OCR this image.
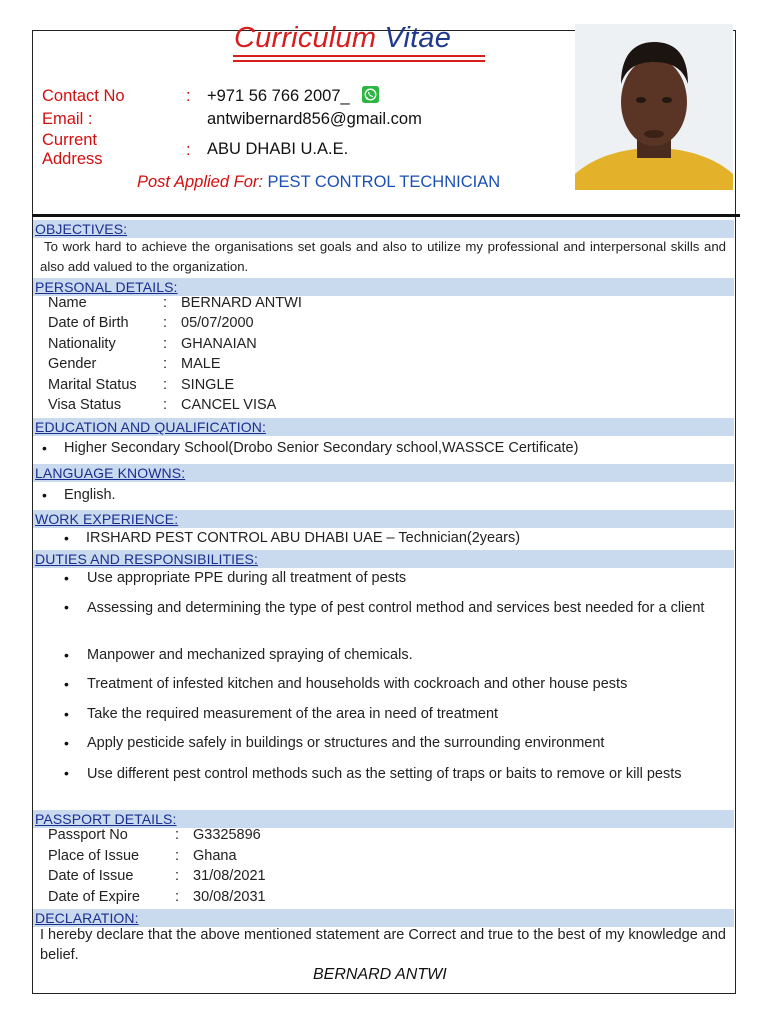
Curriculum Vitae
Contact No	: +971 56 766 2007_
Email :	antwibernard856@gmail.com
Current
Address	: ABU DHABI U.A.E.
Post Applied For: PEST CONTROL TECHNICIAN
OBJECTIVES:
To work hard to achieve the organisations set goals and also to utilize my professional and interpersonal skills and also add valued to the organization.
PERSONAL DETAILS:
Name	: BERNARD ANTWI
Date of Birth : 05/07/2000
Nationality	: GHANAIAN
Gender	: MALE
Marital Status : SINGLE
Visa Status	: CANCEL VISA
EDUCATION AND QUALIFICATION:
• Higher Secondary School(Drobo Senior Secondary school,WASSCE Certificate)
LANGUAGE KNOWNS:
• English.
WORK EXPERIENCE:
• IRSHARD PEST CONTROL ABU DHABI UAE – Technician(2years)
DUTIES AND RESPONSIBILITIES:
• Use appropriate PPE during all treatment of pests
• Assessing and determining the type of pest control method and services best needed for a client
• Manpower and mechanized spraying of chemicals.
• Treatment of infested kitchen and households with cockroach and other house pests
• Take the required measurement of the area in need of treatment
• Apply pesticide safely in buildings or structures and the surrounding environment
• Use different pest control methods such as the setting of traps or baits to remove or kill pests
PASSPORT DETAILS:
Passport No	: G3325896
Place of Issue : Ghana
Date of Issue	: 31/08/2021
Date of Expire : 30/08/2031
DECLARATION:
I hereby declare that the above mentioned statement are Correct and true to the best of my knowledge and belief.
BERNARD ANTWI
